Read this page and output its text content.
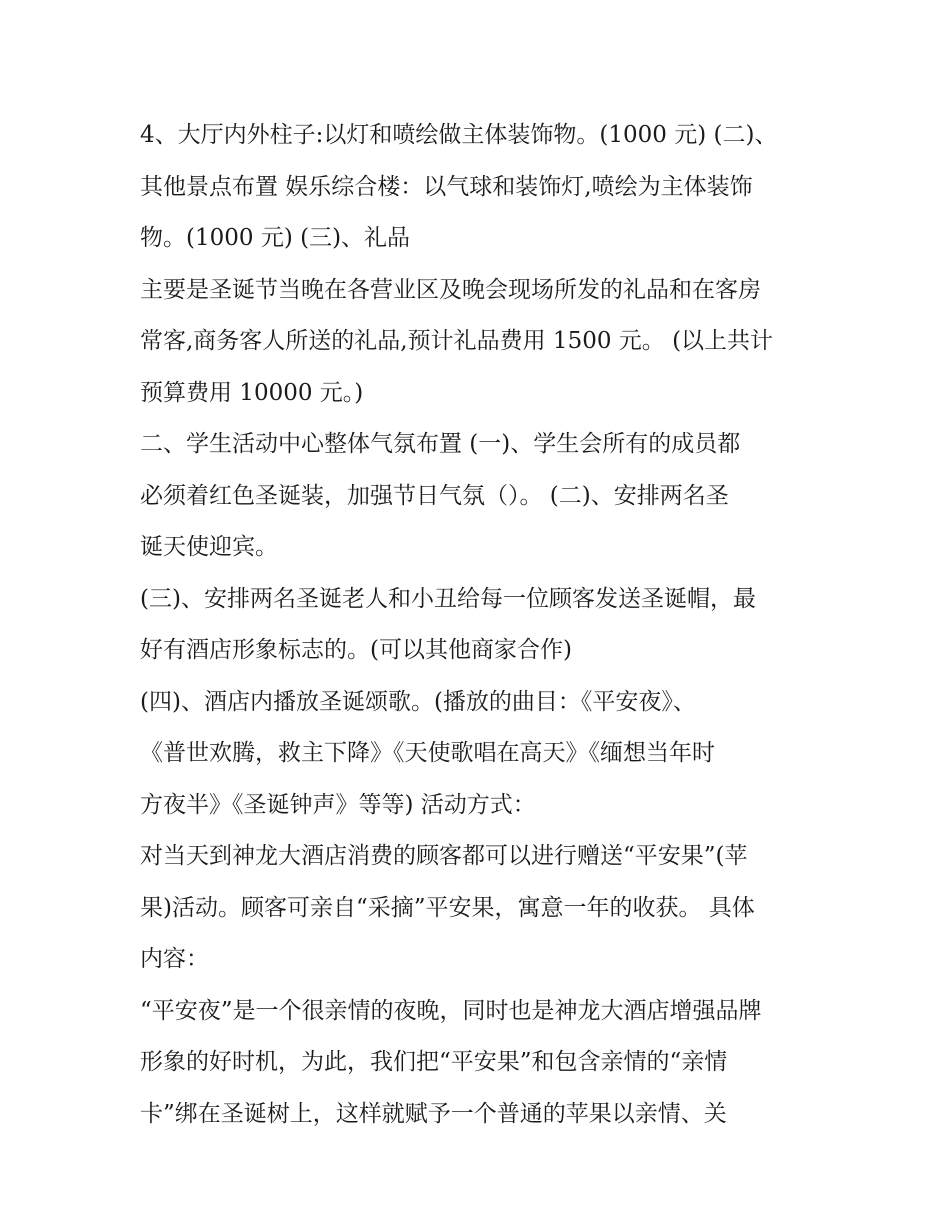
4、大厅内外柱子:以灯和喷绘做主体装饰物。(1000 元) (二)、
其他景点布置 娱乐综合楼：以气球和装饰灯,喷绘为主体装饰
物。(1000 元) (三)、礼品
主要是圣诞节当晚在各营业区及晚会现场所发的礼品和在客房
常客,商务客人所送的礼品,预计礼品费用 1500 元。 (以上共计
预算费用 10000 元。)
二、学生活动中心整体气氛布置 (一)、学生会所有的成员都
必须着红色圣诞装，加强节日气氛（）。 (二)、安排两名圣
诞天使迎宾。
(三)、安排两名圣诞老人和小丑给每一位顾客发送圣诞帽，最
好有酒店形象标志的。(可以其他商家合作)
(四)、酒店内播放圣诞颂歌。(播放的曲目：《平安夜》、
《普世欢腾，救主下降》《天使歌唱在高天》《缅想当年时
方夜半》《圣诞钟声》等等) 活动方式：
对当天到神龙大酒店消费的顾客都可以进行赠送“平安果”(苹
果)活动。顾客可亲自“采摘”平安果，寓意一年的收获。 具体
内容：
“平安夜”是一个很亲情的夜晚，同时也是神龙大酒店增强品牌
形象的好时机，为此，我们把“平安果”和包含亲情的“亲情
卡”绑在圣诞树上，这样就赋予一个普通的苹果以亲情、关
